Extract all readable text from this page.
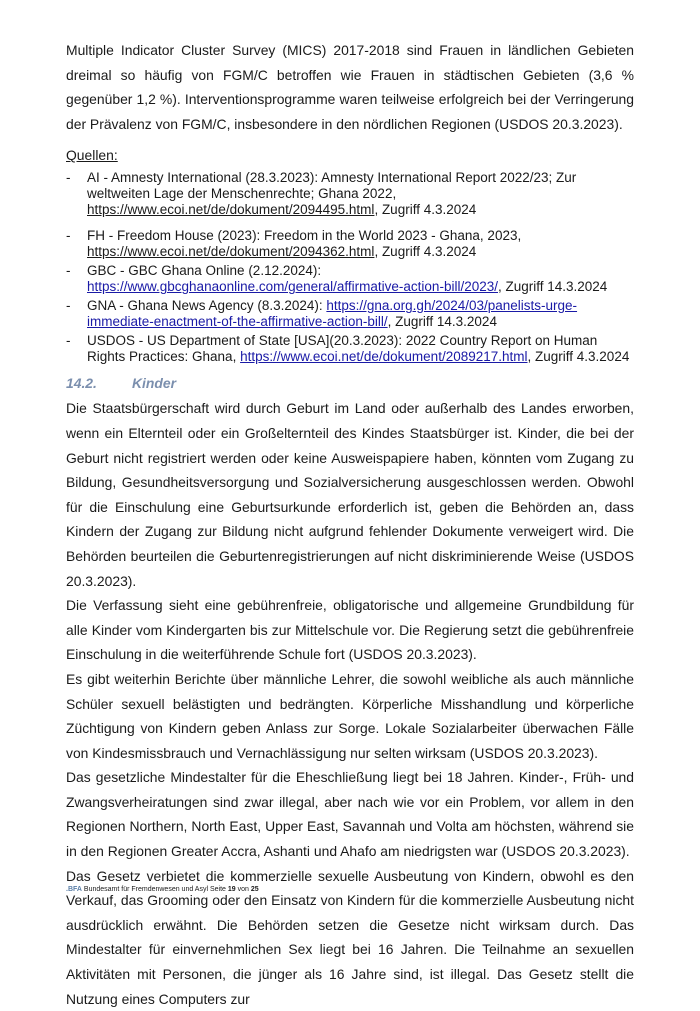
Multiple Indicator Cluster Survey (MICS) 2017-2018 sind Frauen in ländlichen Gebieten dreimal so häufig von FGM/C betroffen wie Frauen in städtischen Gebieten (3,6 % gegenüber 1,2 %). Interventionsprogramme waren teilweise erfolgreich bei der Verringerung der Prävalenz von FGM/C, insbesondere in den nördlichen Regionen (USDOS 20.3.2023).

Quellen:
- AI - Amnesty International (28.3.2023): Amnesty International Report 2022/23; Zur weltweiten Lage der Menschenrechte; Ghana 2022, https://www.ecoi.net/de/dokument/2094495.html, Zugriff 4.3.2024
- FH - Freedom House (2023): Freedom in the World 2023 - Ghana, 2023, https://www.ecoi.net/de/dokument/2094362.html, Zugriff 4.3.2024
- GBC - GBC Ghana Online (2.12.2024): https://www.gbcghanaonline.com/general/affirmative-action-bill/2023/, Zugriff 14.3.2024
- GNA - Ghana News Agency (8.3.2024): https://gna.org.gh/2024/03/panelists-urge-immediate-enactment-of-the-affirmative-action-bill/, Zugriff 14.3.2024
- USDOS - US Department of State [USA](20.3.2023): 2022 Country Report on Human Rights Practices: Ghana, https://www.ecoi.net/de/dokument/2089217.html, Zugriff 4.3.2024
14.2.	Kinder

Die Staatsbürgerschaft wird durch Geburt im Land oder außerhalb des Landes erworben, wenn ein Elternteil oder ein Großelternteil des Kindes Staatsbürger ist. Kinder, die bei der Geburt nicht registriert werden oder keine Ausweispapiere haben, könnten vom Zugang zu Bildung, Gesundheitsversorgung und Sozialversicherung ausgeschlossen werden. Obwohl für die Einschulung eine Geburtsurkunde erforderlich ist, geben die Behörden an, dass Kindern der Zugang zur Bildung nicht aufgrund fehlender Dokumente verweigert wird. Die Behörden beurteilen die Geburtenregistrierungen auf nicht diskriminierende Weise (USDOS 20.3.2023).

Die Verfassung sieht eine gebührenfreie, obligatorische und allgemeine Grundbildung für alle Kinder vom Kindergarten bis zur Mittelschule vor. Die Regierung setzt die gebührenfreie Einschulung in die weiterführende Schule fort (USDOS 20.3.2023).

Es gibt weiterhin Berichte über männliche Lehrer, die sowohl weibliche als auch männliche Schüler sexuell belästigten und bedrängten. Körperliche Misshandlung und körperliche Züchtigung von Kindern geben Anlass zur Sorge. Lokale Sozialarbeiter überwachen Fälle von Kindesmissbrauch und Vernachlässigung nur selten wirksam (USDOS 20.3.2023).

Das gesetzliche Mindestalter für die Eheschließung liegt bei 18 Jahren. Kinder-, Früh- und Zwangsverheiratungen sind zwar illegal, aber nach wie vor ein Problem, vor allem in den Regionen Northern, North East, Upper East, Savannah und Volta am höchsten, während sie in den Regionen Greater Accra, Ashanti und Ahafo am niedrigsten war (USDOS 20.3.2023).

Das Gesetz verbietet die kommerzielle sexuelle Ausbeutung von Kindern, obwohl es den Verkauf, das Grooming oder den Einsatz von Kindern für die kommerzielle Ausbeutung nicht ausdrücklich erwähnt. Die Behörden setzen die Gesetze nicht wirksam durch. Das Mindestalter für einvernehmlichen Sex liegt bei 16 Jahren. Die Teilnahme an sexuellen Aktivitäten mit Personen, die jünger als 16 Jahre sind, ist illegal. Das Gesetz stellt die Nutzung eines Computers zur

.BFA Bundesamt für Fremdenwesen und Asyl Seite 19 von 25
